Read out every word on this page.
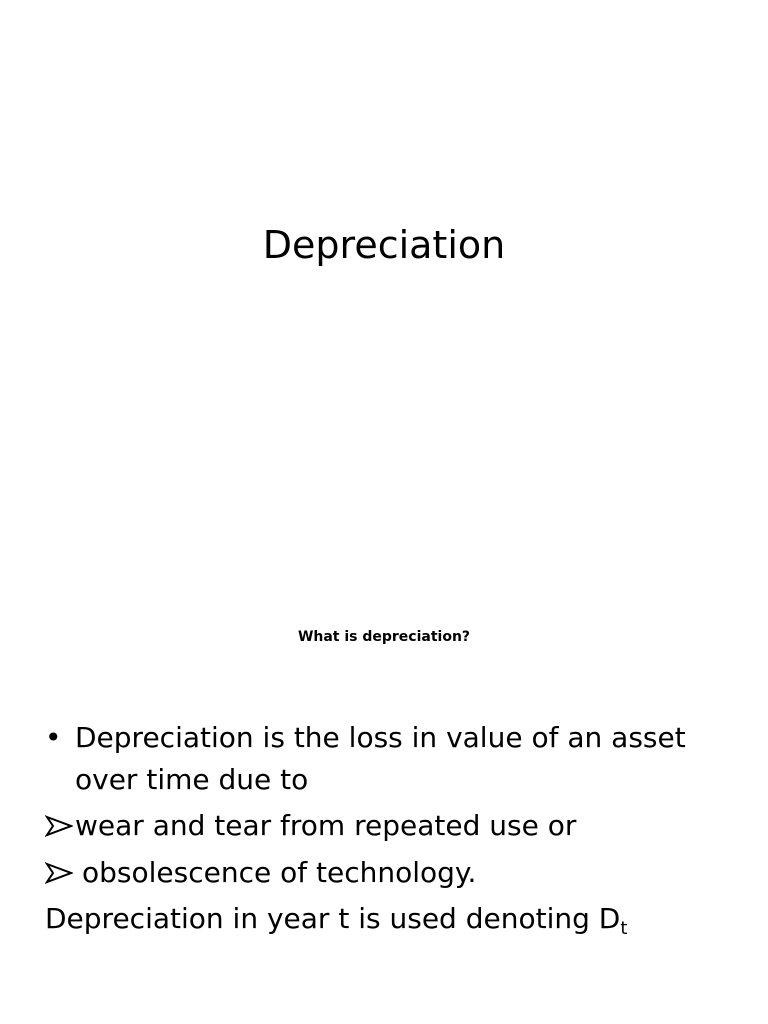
Depreciation
What is depreciation?
• Depreciation is the loss in value of an asset over time due to
wear and tear from repeated use or
obsolescence of technology.
Depreciation in year t is used denoting $D_t$
